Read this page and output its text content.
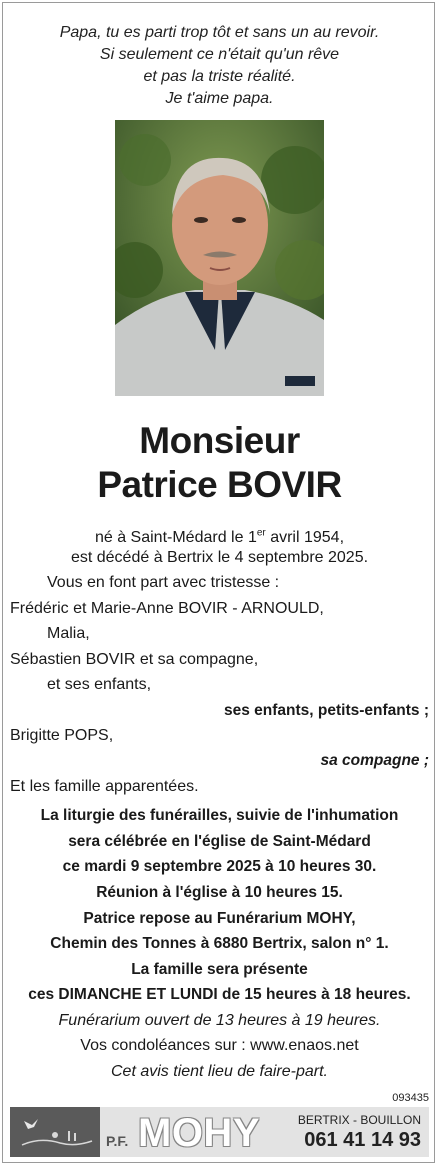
Papa, tu es parti trop tôt et sans un au revoir.
Si seulement ce n'était qu'un rêve
et pas la triste réalité.
Je t'aime papa.
Monsieur
Patrice BOVIR
né à Saint-Médard le 1er avril 1954,
est décédé à Bertrix le 4 septembre 2025.
Vous en font part avec tristesse :
Frédéric et Marie-Anne BOVIR - ARNOULD,
Malia,
Sébastien BOVIR et sa compagne,
et ses enfants,
ses enfants, petits-enfants ;
Brigitte POPS,
sa compagne ;
Et les famille apparentées.
La liturgie des funérailles, suivie de l'inhumation
sera célébrée en l'église de Saint-Médard
ce mardi 9 septembre 2025 à 10 heures 30.
Réunion à l'église à 10 heures 15.
Patrice repose au Funérarium MOHY,
Chemin des Tonnes à 6880 Bertrix, salon n° 1.
La famille sera présente
ces DIMANCHE ET LUNDI de 15 heures à 18 heures.
Funérarium ouvert de 13 heures à 19 heures.
Vos condoléances sur : www.enaos.net
Cet avis tient lieu de faire-part.
093435
P.F. MOHY	BERTRIX - BOUILLON
061 41 14 93
